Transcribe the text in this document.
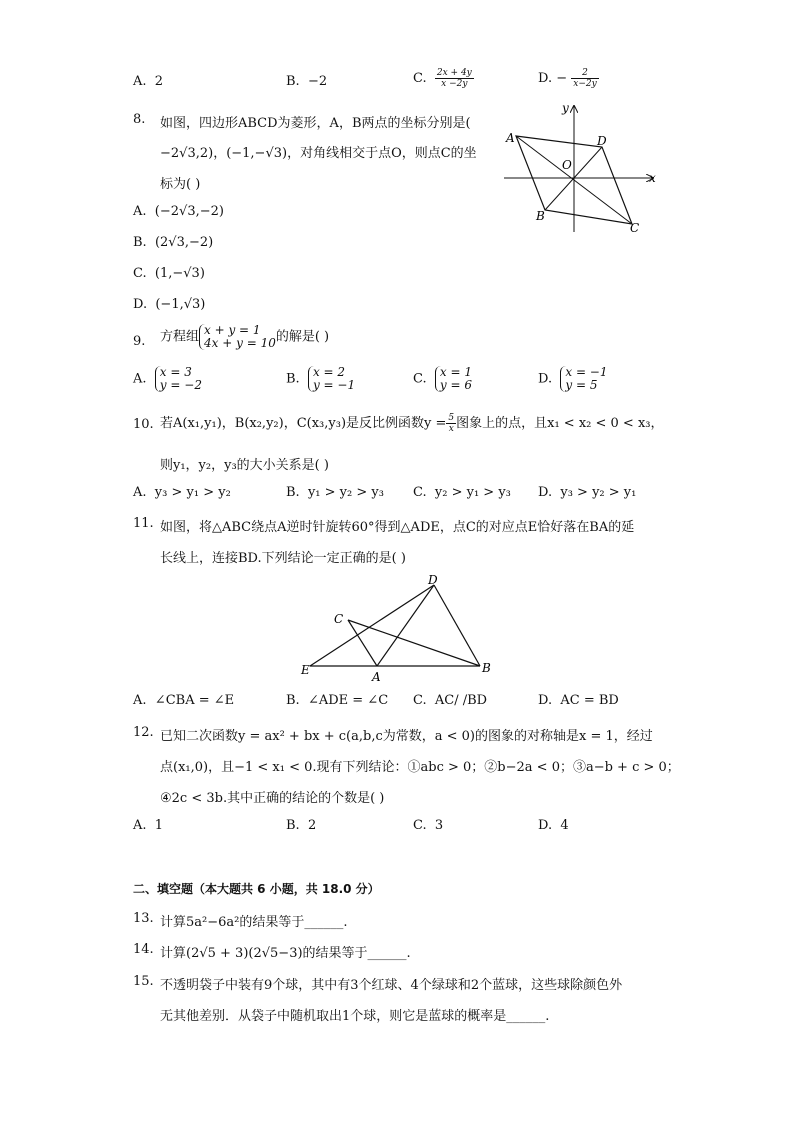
A. 2	B. −2	C. $\frac{2x + 4y}{x -2y}$	D. − $\frac{2}{x-2y}$
8. 如图，四边形ABCD为菱形，A，B两点的坐标分别是(
−2√3,2)，(−1,−√3)，对角线相交于点O，则点C的坐
标为( )
A. (−2√3,−2)
B. (2√3,−2)
C. (1,−√3)
D. (−1,√3)
A	D
O
B
C
x
y
9. 方程组 x + y = 1
4x + y = 10的解是( )
A. x = 3
y = −2	B. x = 2
y = −1	C. x = 1
y = 6	D. x = −1
y = 5
10. 若A(x₁,y₁)，B(x₂,y₂)，C(x₃,y₃)是反比例函数$y = \frac{5}{x}$ 图象上的点，且x₁ < x₂ < 0 < x₃，
则y₁，y₂，y₃的大小关系是( )
A. y₃ > y₁ > y₂	B. y₁ > y₂ > y₃ C. y₂ > y₁ > y₃ D. y₃ > y₂ > y₁
11. 如图，将△ABC绕点A逆时针旋转60°得到△ADE，点C的对应点E恰好落在BA的延
长线上，连接BD.下列结论一定正确的是( )
D
C
E	A
B
A. ∠CBA = ∠E	B. ∠ADE = ∠C C. AC/ /BD	D. AC = BD
12. 已知二次函数y = ax² + bx + c(a,b,c为常数，a < 0)的图象的对称轴是x = 1，经过
点(x₁,0)，且−1 < x₁ < 0.现有下列结论：①abc > 0；②b−2a < 0；③a−b + c > 0；
④2c < 3b.其中正确的结论的个数是( )
A. 1	B. 2	C. 3	D. 4
二、填空题（本大题共 6 小题，共 18.0 分）
13. 计算5a²−6a²的结果等于______.
14. 计算(2√5 + 3)(2√5−3)的结果等于______.
15. 不透明袋子中装有9个球，其中有3个红球、4个绿球和2个蓝球，这些球除颜色外
无其他差别．从袋子中随机取出1个球，则它是蓝球的概率是______.
